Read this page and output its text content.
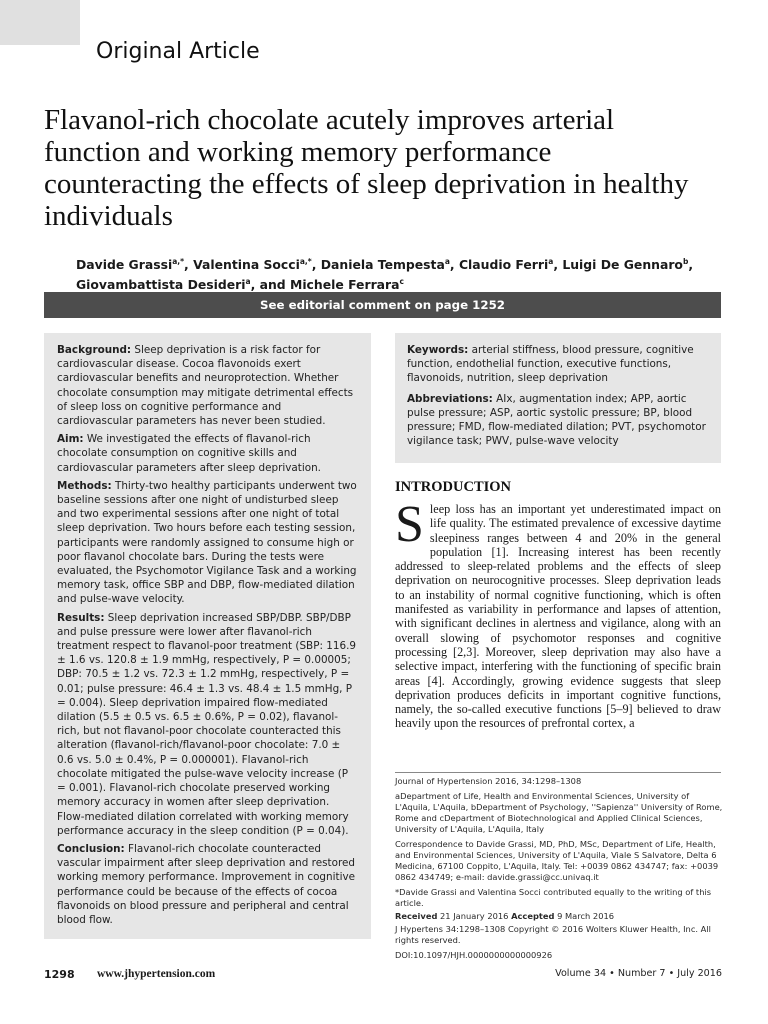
Original Article
Flavanol-rich chocolate acutely improves arterial function and working memory performance counteracting the effects of sleep deprivation in healthy individuals
Davide Grassi$^{a,*}$, Valentina Socci$^{a,*}$, Daniela Tempesta$^a$, Claudio Ferri$^a$, Luigi De Gennaro$^b$,
Giovambattista Desideri$^a$, and Michele Ferrara$^c$
See editorial comment on page 1252

Background: Sleep deprivation is a risk factor for cardiovascular disease. Cocoa flavonoids exert cardiovascular benefits and neuroprotection. Whether chocolate consumption may mitigate detrimental effects of sleep loss on cognitive performance and cardiovascular parameters has never been studied.

Aim: We investigated the effects of flavanol-rich chocolate consumption on cognitive skills and cardiovascular parameters after sleep deprivation.

Methods: Thirty-two healthy participants underwent two baseline sessions after one night of undisturbed sleep and two experimental sessions after one night of total sleep deprivation. Two hours before each testing session, participants were randomly assigned to consume high or poor flavanol chocolate bars. During the tests were evaluated, the Psychomotor Vigilance Task and a working memory task, office SBP and DBP, flow-mediated dilation and pulse-wave velocity.

Results: Sleep deprivation increased SBP/DBP. SBP/DBP and pulse pressure were lower after flavanol-rich treatment respect to flavanol-poor treatment (SBP: 116.9 ± 1.6 vs. 120.8 ± 1.9 mmHg, respectively, P = 0.00005; DBP: 70.5 ± 1.2 vs. 72.3 ± 1.2 mmHg, respectively, P = 0.01; pulse pressure: 46.4 ± 1.3 vs. 48.4 ± 1.5 mmHg, P = 0.004). Sleep deprivation impaired flow-mediated dilation (5.5 ± 0.5 vs. 6.5 ± 0.6%, P = 0.02), flavanol-rich, but not flavanol-poor chocolate counteracted this alteration (flavanol-rich/flavanol-poor chocolate: 7.0 ± 0.6 vs. 5.0 ± 0.4%, P = 0.000001). Flavanol-rich chocolate mitigated the pulse-wave velocity increase (P = 0.001). Flavanol-rich chocolate preserved working memory accuracy in women after sleep deprivation. Flow-mediated dilation correlated with working memory performance accuracy in the sleep condition (P = 0.04).

Conclusion: Flavanol-rich chocolate counteracted vascular impairment after sleep deprivation and restored working memory performance. Improvement in cognitive performance could be because of the effects of cocoa flavonoids on blood pressure and peripheral and central blood flow.

Keywords: arterial stiffness, blood pressure, cognitive function, endothelial function, executive functions, flavonoids, nutrition, sleep deprivation

Abbreviations: AIx, augmentation index; APP, aortic pulse pressure; ASP, aortic systolic pressure; BP, blood pressure; FMD, flow-mediated dilation; PVT, psychomotor vigilance task; PWV, pulse-wave velocity

INTRODUCTION

Sleep loss has an important yet underestimated impact on life quality. The estimated prevalence of excessive daytime sleepiness ranges between 4 and 20% in the general population [1]. Increasing interest has been recently addressed to sleep-related problems and the effects of sleep deprivation on neurocognitive processes. Sleep deprivation leads to an instability of normal cognitive functioning, which is often manifested as variability in performance and lapses of attention, with significant declines in alertness and vigilance, along with an overall slowing of psychomotor responses and cognitive processing [2,3]. Moreover, sleep deprivation may also have a selective impact, interfering with the functioning of specific brain areas [4]. Accordingly, growing evidence suggests that sleep deprivation produces deficits in important cognitive functions, namely, the so-called executive functions [5–9] believed to draw heavily upon the resources of prefrontal cortex, a

Journal of Hypertension 2016, 34:1298–1308

aDepartment of Life, Health and Environmental Sciences, University of L'Aquila, L'Aquila, bDepartment of Psychology, ''Sapienza'' University of Rome, Rome and cDepartment of Biotechnological and Applied Clinical Sciences, University of L'Aquila, L'Aquila, Italy

Correspondence to Davide Grassi, MD, PhD, MSc, Department of Life, Health, and Environmental Sciences, University of L'Aquila, Viale S Salvatore, Delta 6 Medicina, 67100 Coppito, L'Aquila, Italy. Tel: +0039 0862 434747; fax: +0039 0862 434749; e-mail: davide.grassi@cc.univaq.it

*Davide Grassi and Valentina Socci contributed equally to the writing of this article.

Received 21 January 2016 Accepted 9 March 2016

J Hypertens 34:1298–1308 Copyright © 2016 Wolters Kluwer Health, Inc. All rights reserved.

DOI:10.1097/HJH.0000000000000926

1298 www.jhypertension.com	Volume 34 • Number 7 • July 2016
